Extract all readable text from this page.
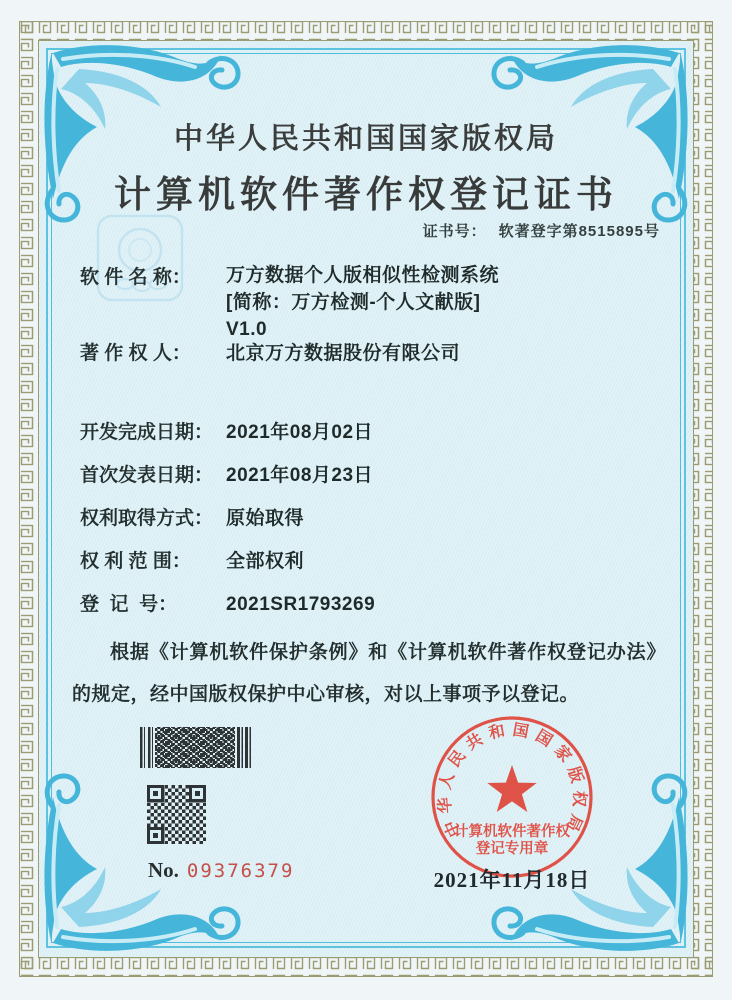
中华人民共和国国家版权局
计算机软件著作权登记证书
证书号： 软著登字第8515895号
软 件 名 称：	万方数据个人版相似性检测系统
[简称：万方检测-个人文献版]
V1.0
著 作 权 人：	北京万方数据股份有限公司
开发完成日期： 2021年08月02日
首次发表日期： 2021年08月23日
权利取得方式： 原始取得
权 利 范 围：	全部权利
登  记  号：	2021SR1793269
根据《计算机软件保护条例》和《计算机软件著作权登记办法》的规定，经中国版权保护中心审核，对以上事项予以登记。
No. 09376379
中华人民共和国国家版权局
计算机软件著作权
登记专用章
2021年11月18日
